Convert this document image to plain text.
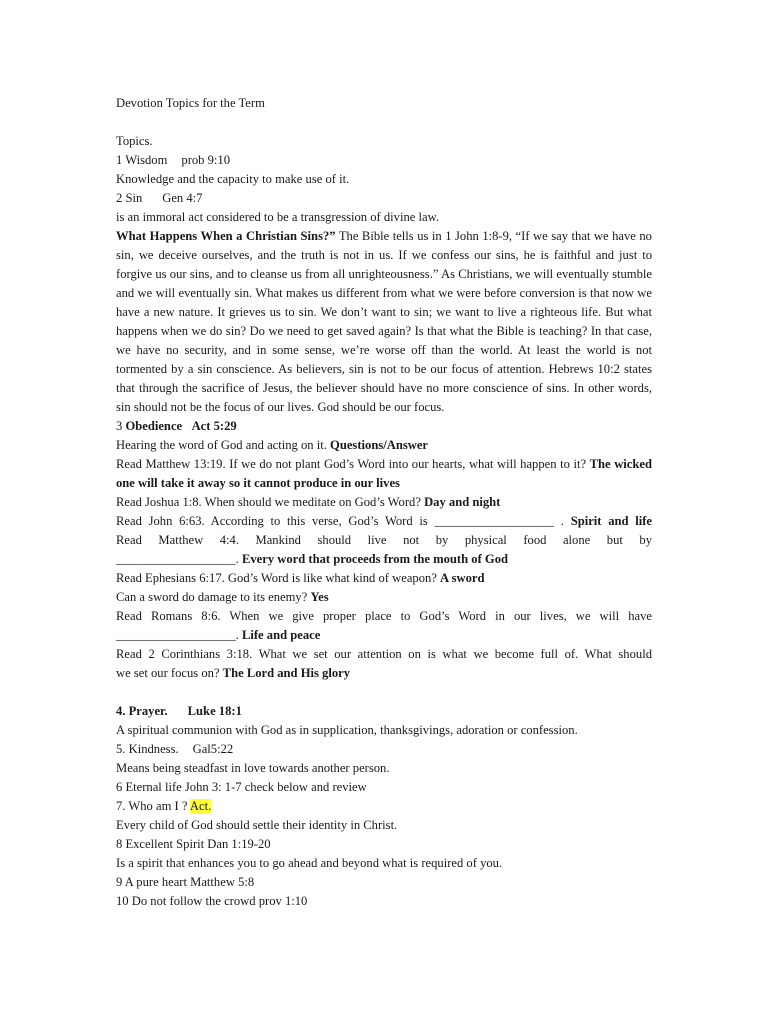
Devotion Topics for the Term
Topics.
1 Wisdom prob 9:10
Knowledge and the capacity to make use of it.
2 Sin Gen 4:7
is an immoral act considered to be a transgression of divine law.
What Happens When a Christian Sins?” The Bible tells us in 1 John 1:8-9, “If we say that we have no sin, we deceive ourselves, and the truth is not in us. If we confess our sins, he is faithful and just to forgive us our sins, and to cleanse us from all unrighteousness.” As Christians, we will eventually stumble and we will eventually sin. What makes us different from what we were before conversion is that now we have a new nature. It grieves us to sin. We don’t want to sin; we want to live a righteous life. But what happens when we do sin? Do we need to get saved again? Is that what the Bible is teaching? In that case, we have no security, and in some sense, we’re worse off than the world. At least the world is not tormented by a sin conscience. As believers, sin is not to be our focus of attention. Hebrews 10:2 states that through the sacrifice of Jesus, the believer should have no more conscience of sins. In other words, sin should not be the focus of our lives. God should be our focus.
3 Obedience Act 5:29
Hearing the word of God and acting on it. Questions/Answer
Read Matthew 13:19. If we do not plant God’s Word into our hearts, what will happen to it? The wicked one will take it away so it cannot produce in our lives
Read Joshua 1:8. When should we meditate on God’s Word? Day and night
Read John 6:63. According to this verse, God’s Word is ___________________ . Spirit and life
Read Matthew 4:4. Mankind should live not by physical food alone but by
___________________. Every word that proceeds from the mouth of God
Read Ephesians 6:17. God’s Word is like what kind of weapon? A sword
Can a sword do damage to its enemy? Yes
Read Romans 8:6. When we give proper place to God’s Word in our lives, we will have
___________________. Life and peace
Read 2 Corinthians 3:18. What we set our attention on is what we become full of. What should
we set our focus on? The Lord and His glory
4. Prayer. Luke 18:1
A spiritual communion with God as in supplication, thanksgivings, adoration or confession.
5. Kindness. Gal5:22
Means being steadfast in love towards another person.
6 Eternal life John 3: 1-7 check below and review
7. Who am I ? Act.
Every child of God should settle their identity in Christ.
8 Excellent Spirit Dan 1:19-20
Is a spirit that enhances you to go ahead and beyond what is required of you.
9 A pure heart Matthew 5:8
10 Do not follow the crowd prov 1:10
